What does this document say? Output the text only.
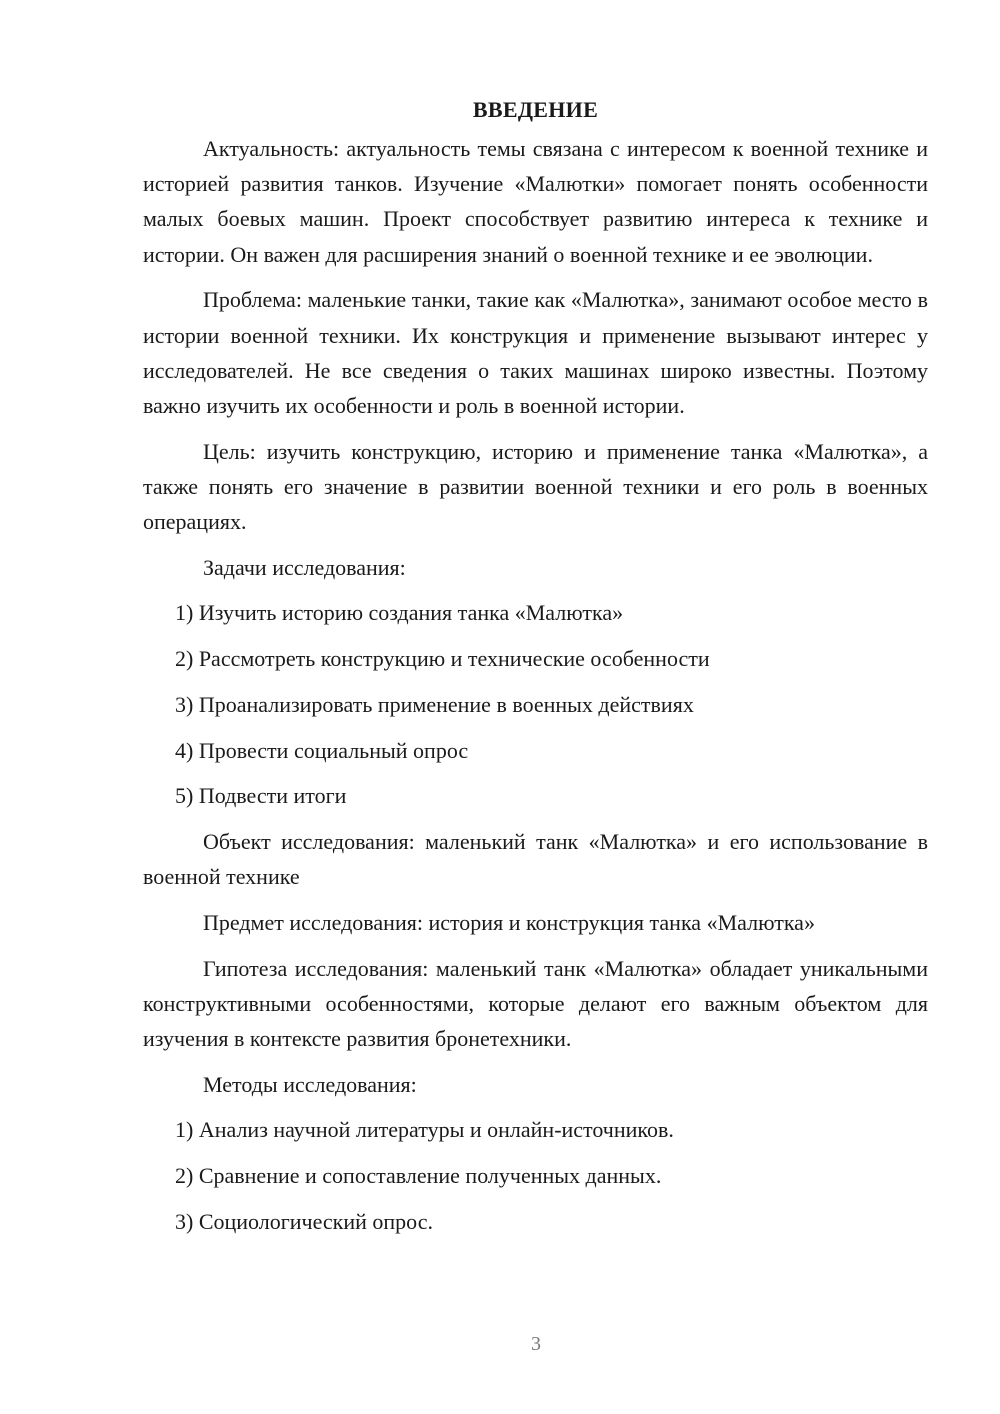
ВВЕДЕНИЕ

Актуальность: актуальность темы связана с интересом к военной технике и историей развития танков. Изучение «Малютки» помогает понять особенности малых боевых машин. Проект способствует развитию интереса к технике и истории. Он важен для расширения знаний о военной технике и ее эволюции.

Проблема: маленькие танки, такие как «Малютка», занимают особое место в истории военной техники. Их конструкция и применение вызывают интерес у исследователей. Не все сведения о таких машинах широко известны. Поэтому важно изучить их особенности и роль в военной истории.

Цель: изучить конструкцию, историю и применение танка «Малютка», а также понять его значение в развитии военной техники и его роль в военных операциях.

Задачи исследования:
1) Изучить историю создания танка «Малютка»
2) Рассмотреть конструкцию и технические особенности
3) Проанализировать применение в военных действиях
4) Провести социальный опрос
5) Подвести итоги

Объект исследования: маленький танк «Малютка» и его использование в военной технике

Предмет исследования: история и конструкция танка «Малютка»

Гипотеза исследования: маленький танк «Малютка» обладает уникальными конструктивными особенностями, которые делают его важным объектом для изучения в контексте развития бронетехники.

Методы исследования:
1) Анализ научной литературы и онлайн-источников.
2) Сравнение и сопоставление полученных данных.
3) Социологический опрос.
3
